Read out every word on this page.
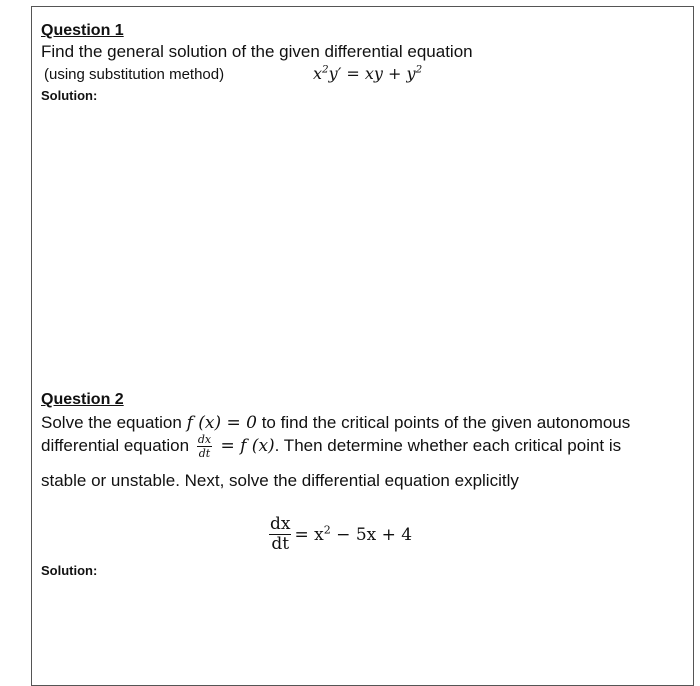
Question 1
Find the general solution of the given differential equation
(using substitution method)	$x^2y'$ = xy + $y^2$
Solution:
Question 2
Solve the equation f (x) = 0 to find the critical points of the given autonomous
differential equation $\frac{dx}{dt} = f$ (x). Then determine whether each critical point is
stable or unstable. Next, solve the differential equation explicitly
$\frac{dx}{dt} = x^2 - 5x + 4$
Solution:
